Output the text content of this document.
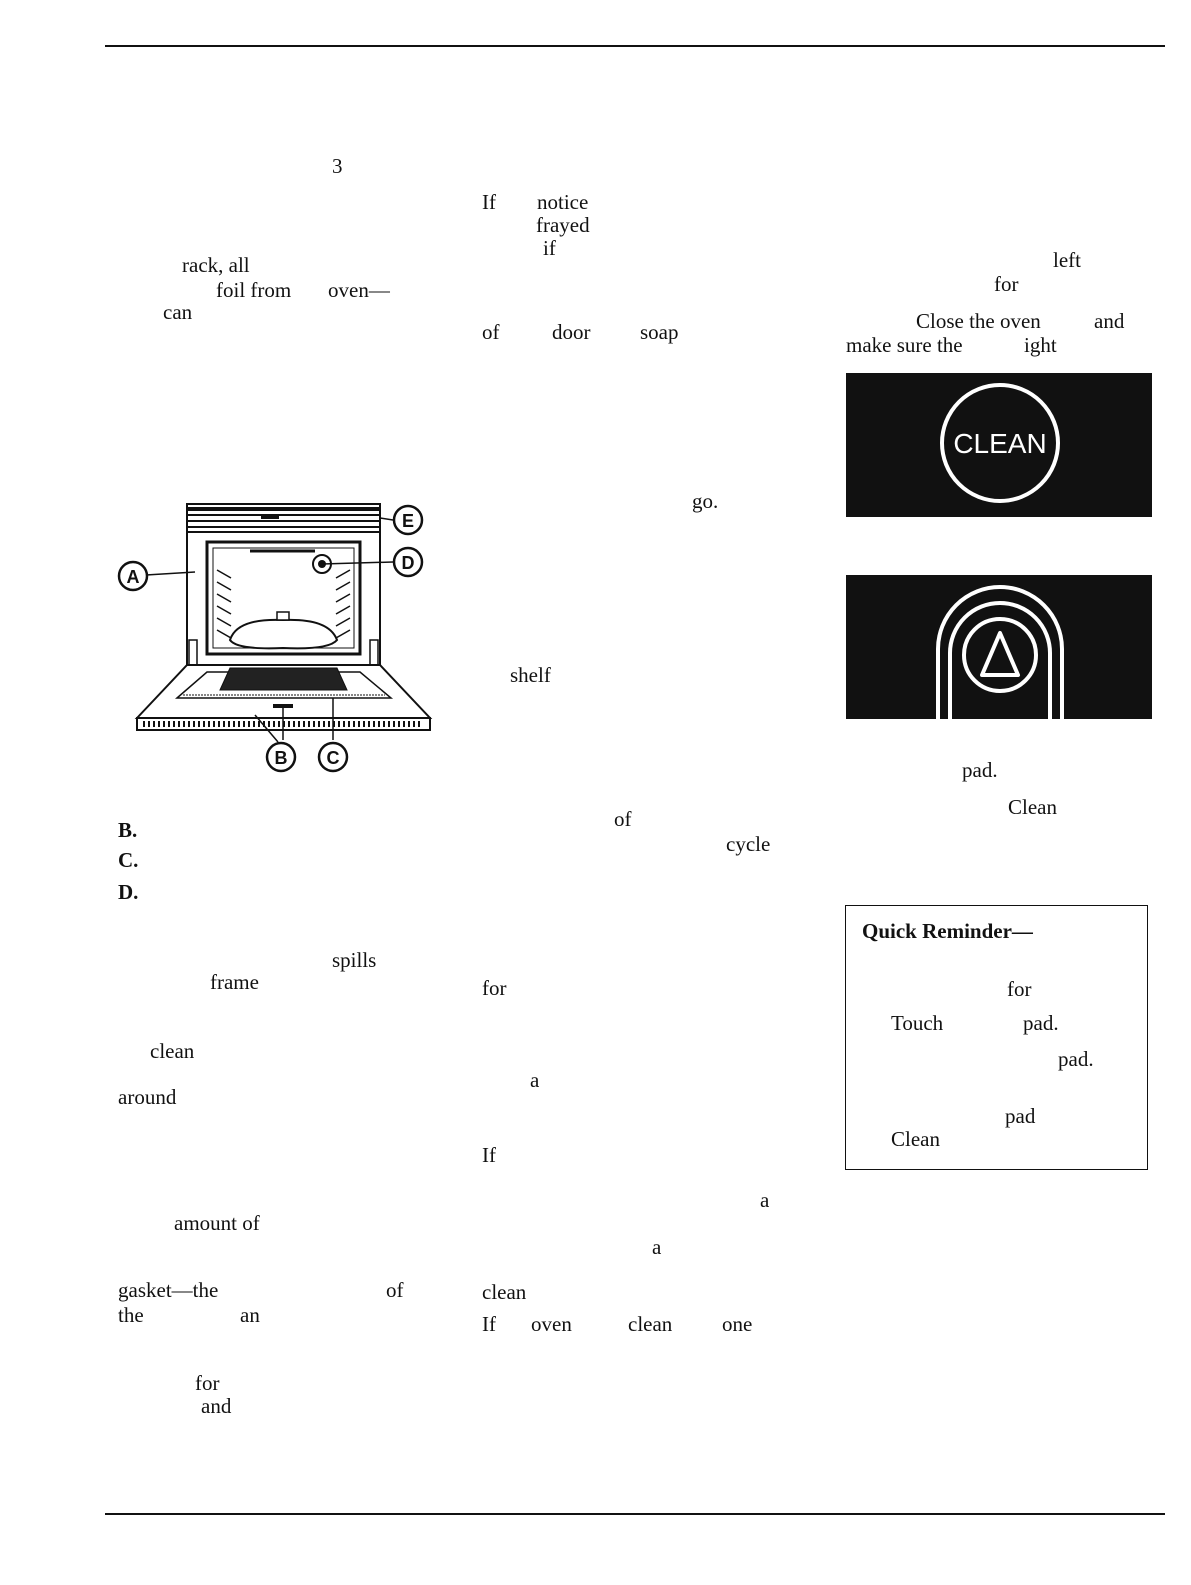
3
rack, all
foil from oven—
can
B.
C.
D.
spills
frame
clean
around
amount of
gasket—the	of
the	an
for
and
A
D
E
B C
If notice
frayed
if
of	door soap
go.
shelf
of
cycle
for
a
If
a
a
clean
If oven	clean one
left
for
Close the oven	and
make sure the	ight
CLEAN
pad.
Clean
Quick Reminder—
for
Touch	pad.
pad.
pad
Clean
